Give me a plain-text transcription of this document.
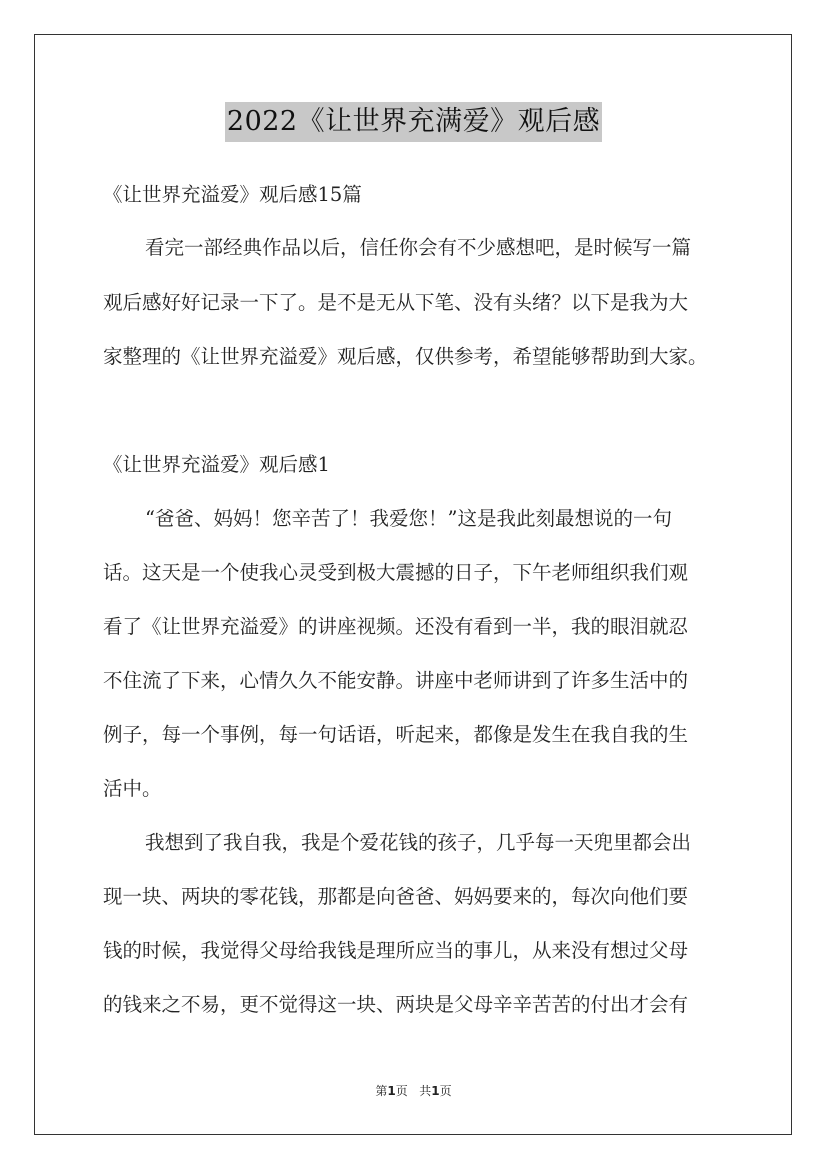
2022《让世界充满爱》观后感
《让世界充溢爱》观后感15篇
看完一部经典作品以后，信任你会有不少感想吧，是时候写一篇
观后感好好记录一下了。是不是无从下笔、没有头绪？以下是我为大
家整理的《让世界充溢爱》观后感，仅供参考，希望能够帮助到大家。
《让世界充溢爱》观后感1
“爸爸、妈妈！您辛苦了！我爱您！”这是我此刻最想说的一句
话。这天是一个使我心灵受到极大震撼的日子，下午老师组织我们观
看了《让世界充溢爱》的讲座视频。还没有看到一半，我的眼泪就忍
不住流了下来，心情久久不能安静。讲座中老师讲到了许多生活中的
例子，每一个事例，每一句话语，听起来，都像是发生在我自我的生
活中。
我想到了我自我，我是个爱花钱的孩子，几乎每一天兜里都会出
现一块、两块的零花钱，那都是向爸爸、妈妈要来的，每次向他们要
钱的时候，我觉得父母给我钱是理所应当的事儿，从来没有想过父母
的钱来之不易，更不觉得这一块、两块是父母辛辛苦苦的付出才会有
第1页 共1页
